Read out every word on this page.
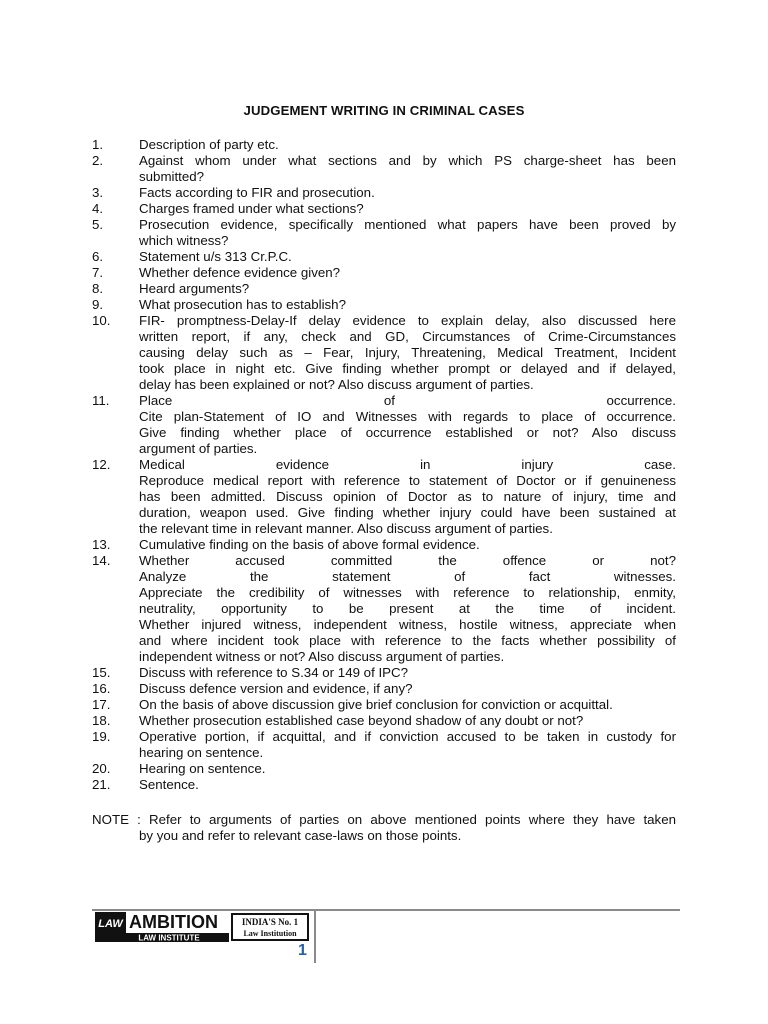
JUDGEMENT WRITING IN CRIMINAL CASES
1.	Description of party etc.
2.	Against whom under what sections and by which PS charge-sheet has been
submitted?
3.	Facts according to FIR and prosecution.
4.	Charges framed under what sections?
5.	Prosecution evidence, specifically mentioned what papers have been proved by
which witness?
6.	Statement u/s 313 Cr.P.C.
7.	Whether defence evidence given?
8.	Heard arguments?
9.	What prosecution has to establish?
10.	FIR- promptness-Delay-If delay evidence to explain delay, also discussed here
written report, if any, check and GD, Circumstances of Crime-Circumstances
causing delay such as – Fear, Injury, Threatening, Medical Treatment, Incident
took place in night etc. Give finding whether prompt or delayed and if delayed,
delay has been explained or not? Also discuss argument of parties.
11.	Place of occurrence.
Cite plan-Statement of IO and Witnesses with regards to place of occurrence.
Give finding whether place of occurrence established or not? Also discuss
argument of parties.
12.	Medical evidence in injury case.
Reproduce medical report with reference to statement of Doctor or if genuineness
has been admitted. Discuss opinion of Doctor as to nature of injury, time and
duration, weapon used. Give finding whether injury could have been sustained at
the relevant time in relevant manner. Also discuss argument of parties.
13.	Cumulative finding on the basis of above formal evidence.
14.	Whether accused committed the offence or not?
Analyze the statement of fact witnesses.
Appreciate the credibility of witnesses with reference to relationship, enmity,
neutrality, opportunity to be present at the time of incident.
Whether injured witness, independent witness, hostile witness, appreciate when
and where incident took place with reference to the facts whether possibility of
independent witness or not? Also discuss argument of parties.
15.	Discuss with reference to S.34 or 149 of IPC?
16.	Discuss defence version and evidence, if any?
17.	On the basis of above discussion give brief conclusion for conviction or acquittal.
18.	Whether prosecution established case beyond shadow of any doubt or not?
19.	Operative portion, if acquittal, and if conviction accused to be taken in custody for
hearing on sentence.
20.	Hearing on sentence.
21.	Sentence.
NOTE : Refer to arguments of parties on above mentioned points where they have taken
by you and refer to relevant case-laws on those points.
LAW AMBITION
LAW INSTITUTE
INDIA'S No. 1
Law Institution
1
